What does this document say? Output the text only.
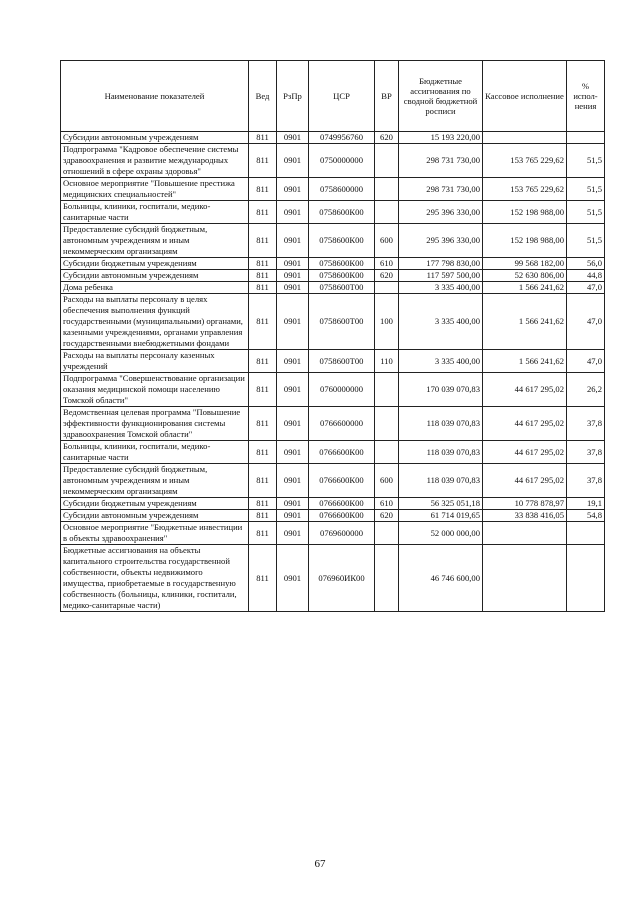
Наименование показателей	Вед	РзПр	ЦСР	ВР	Бюджетные ассигнования по сводной бюджетной росписи	Кассовое исполнение	% испол-нения
Субсидии автономным учреждениям	811	0901	0749956760	620	15 193 220,00		
Подпрограмма "Кадровое обеспечение системы здравоохранения и развитие международных отношений в сфере охраны здоровья"	811	0901	0750000000		298 731 730,00	153 765 229,62	51,5
Основное мероприятие "Повышение престижа медицинских специальностей"	811	0901	0758600000		298 731 730,00	153 765 229,62	51,5
Больницы, клиники, госпитали, медико-санитарные части	811	0901	0758600К00		295 396 330,00	152 198 988,00	51,5
Предоставление субсидий бюджетным, автономным учреждениям и иным некоммерческим организациям	811	0901	0758600К00	600	295 396 330,00	152 198 988,00	51,5
Субсидии бюджетным учреждениям	811	0901	0758600К00	610	177 798 830,00	99 568 182,00	56,0
Субсидии автономным учреждениям	811	0901	0758600К00	620	117 597 500,00	52 630 806,00	44,8
Дома ребенка	811	0901	0758600Т00		3 335 400,00	1 566 241,62	47,0
Расходы на выплаты персоналу в целях обеспечения выполнения функций государственными (муниципальными) органами, казенными учреждениями, органами управления государственными внебюджетными фондами	811	0901	0758600Т00	100	3 335 400,00	1 566 241,62	47,0
Расходы на выплаты персоналу казенных учреждений	811	0901	0758600Т00	110	3 335 400,00	1 566 241,62	47,0
Подпрограмма "Совершенствование организации оказания медицинской помощи населению Томской области"	811	0901	0760000000		170 039 070,83	44 617 295,02	26,2
Ведомственная целевая программа "Повышение эффективности функционирования системы здравоохранения Томской области"	811	0901	0766600000		118 039 070,83	44 617 295,02	37,8
Больницы, клиники, госпитали, медико-санитарные части	811	0901	0766600К00		118 039 070,83	44 617 295,02	37,8
Предоставление субсидий бюджетным, автономным учреждениям и иным некоммерческим организациям	811	0901	0766600К00	600	118 039 070,83	44 617 295,02	37,8
Субсидии бюджетным учреждениям	811	0901	0766600К00	610	56 325 051,18	10 778 878,97	19,1
Субсидии автономным учреждениям	811	0901	0766600К00	620	61 714 019,65	33 838 416,05	54,8
Основное мероприятие "Бюджетные инвестиции в объекты здравоохранения"	811	0901	0769600000		52 000 000,00		
Бюджетные ассигнования на объекты капитального строительства государственной собственности, объекты недвижимого имущества, приобретаемые в государственную собственность (больницы, клиники, госпитали, медико-санитарные части)	811	0901	076960ИК00		46 746 600,00		
67
